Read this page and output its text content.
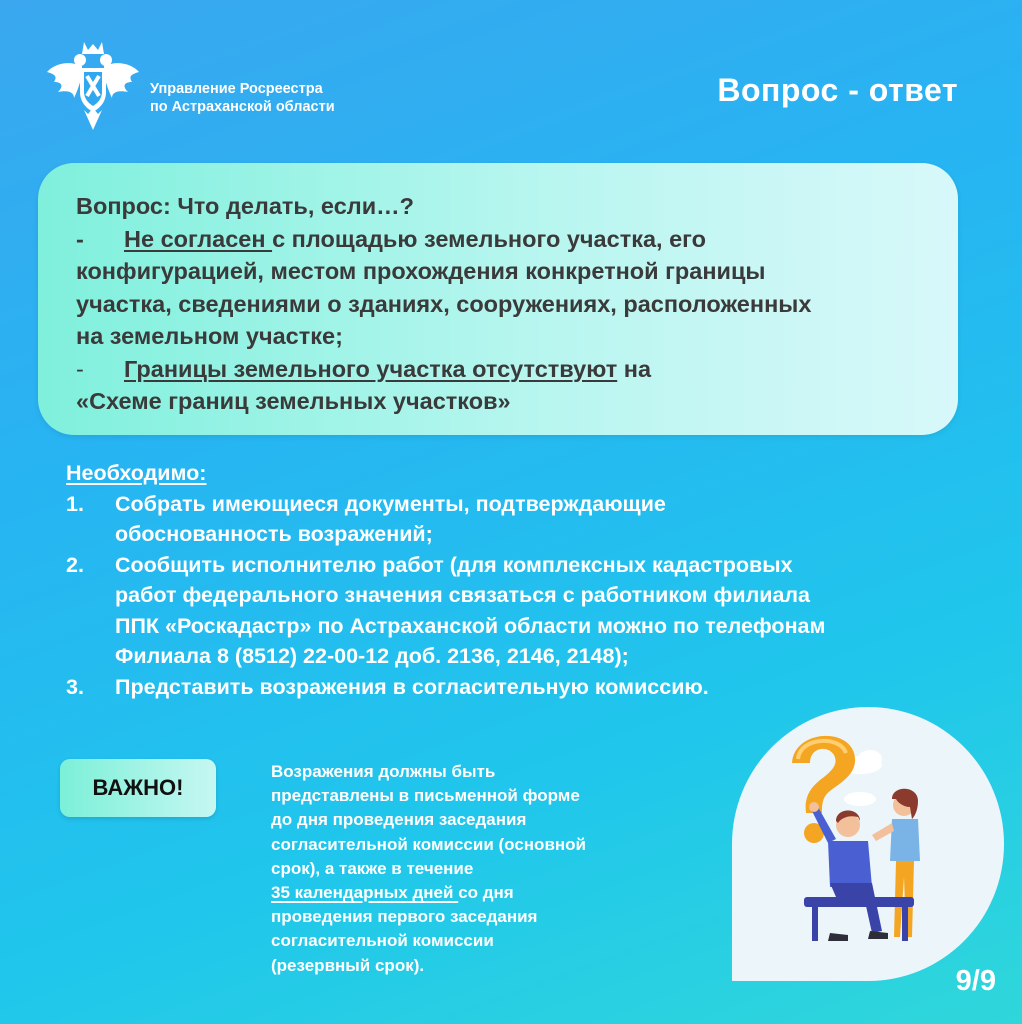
Управление Росреестра
по Астраханской области	Вопрос - ответ
Вопрос: Что делать, если…?
- Не согласен с площадью земельного участка, его
конфигурацией, местом прохождения конкретной границы
участка, сведениями о зданиях, сооружениях, расположенных
на земельном участке;
- Границы земельного участка отсутствуют на
«Схеме границ земельных участков»
Необходимо:
1. Собрать имеющиеся документы, подтверждающие
обоснованность возражений;
2. Сообщить исполнителю работ (для комплексных кадастровых
работ федерального значения связаться с работником филиала
ППК «Роскадастр» по Астраханской области можно по телефонам
Филиала 8 (8512) 22-00-12 доб. 2136, 2146, 2148);
3. Представить возражения в согласительную комиссию.
ВАЖНО!
Возражения должны быть
представлены в письменной форме
до дня проведения заседания
согласительной комиссии (основной
срок), а также в течение
35 календарных дней со дня
проведения первого заседания
согласительной комиссии
(резервный срок).	9/9
